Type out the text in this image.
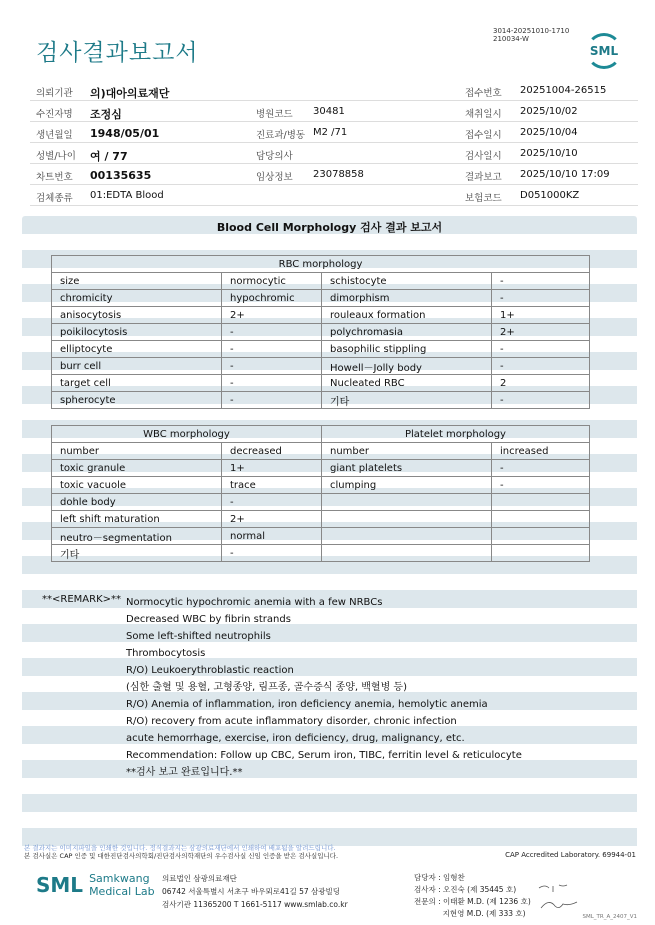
검사결과보고서
3014-20251010-1710
210034-W
SML
의뢰기관 의)대아의료재단	접수번호 20251004-26515
수진자명 조정심	병원코드 30481	채취일시 2025/10/02
생년월일 1948/05/01	진료과/병동 M2 /71	접수일시 2025/10/04
성별/나이 여 / 77	담당의사	검사일시 2025/10/10
차트번호 00135635	임상정보 23078858	결과보고 2025/10/10 17:09
검체종류 01:EDTA Blood	보험코드 D051000KZ
Blood Cell Morphology 검사 결과 보고서
RBC morphology			
size	normocytic	schistocyte	-
chromicity	hypochromic	dimorphism	-
anisocytosis	2+	rouleaux formation	1+
poikilocytosis	-	polychromasia	2+
elliptocyte	-	basophilic stippling	-
burr cell	-	Howell－Jolly body	-
target cell	-	Nucleated RBC	2
spherocyte	-	기타	-
WBC morphology		Platelet morphology	
number	decreased	number	increased
toxic granule	1+	giant platelets	-
toxic vacuole	trace	clumping	-
dohle body	-		
left shift maturation	2+		
neutro－segmentation	normal		
기타	-		
**<REMARK>** Normocytic hypochromic anemia with a few NRBCs
Decreased WBC by fibrin strands
Some left-shifted neutrophils
Thrombocytosis
R/O) Leukoerythroblastic reaction
(심한 출혈 및 용혈, 고형종양, 림프종, 골수증식 종양, 백혈병 등)
R/O) Anemia of inflammation, iron deficiency anemia, hemolytic anemia
R/O) recovery from acute inflammatory disorder, chronic infection
acute hemorrhage, exercise, iron deficiency, drug, malignancy, etc.
Recommendation: Follow up CBC, Serum iron, TIBC, ferritin level & reticulocyte
**검사 보고 완료입니다.**
본 결과지는 이미지파일을 인쇄한 것입니다. 정식결과지는 삼광의료재단에서 인쇄하여 배포됨을 알려드립니다.
본 검사실은 CAP 인증 및 대한진단검사의학회/진단검사의학재단의 우수검사실 신임 인증을 받은 검사실입니다.	CAP Accredited Laboratory. 69944-01
SML Samkwang
Medical Lab
의료법인 삼광의료재단
06742 서울특별시 서초구 바우뫼로41길 57 삼광빌딩
검사기관 11365200 T 1661-5117 www.smlab.co.kr
담당자 : 임형찬
검사자 : 오진숙 (제 35445 호)
전문의 : 이태환 M.D. (제 1236 호)
지현영 M.D. (제 333 호)	SML_TR_A_2407_V1
